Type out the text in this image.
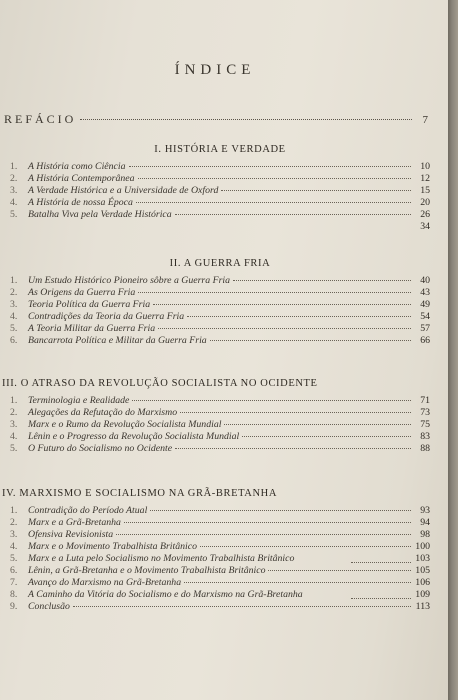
ÍNDICE
REFÁCIO	7
I. HISTÓRIA E VERDADE
1.	A História como Ciência	10
2.	A História Contemporânea	12
3.	A Verdade Histórica e a Universidade de Oxford	15
4.	A História de nossa Época	20
5.	Batalha Viva pela Verdade Histórica	26
34
II. A GUERRA FRIA
1.	Um Estudo Histórico Pioneiro sôbre a Guerra Fria	40
2.	As Origens da Guerra Fria	43
3.	Teoria Política da Guerra Fria	49
4.	Contradições da Teoria da Guerra Fria	54
5.	A Teoria Militar da Guerra Fria	57
6.	Bancarrota Política e Militar da Guerra Fria	66
III. O ATRASO DA REVOLUÇÃO SOCIALISTA NO OCIDENTE
1.	Terminologia e Realidade	71
2.	Alegações da Refutação do Marxismo	73
3.	Marx e o Rumo da Revolução Socialista Mundial	75
4.	Lênin e o Progresso da Revolução Socialista Mundial	83
5.	O Futuro do Socialismo no Ocidente	88
IV. MARXISMO E SOCIALISMO NA GRÃ-BRETANHA
1.	Contradição do Período Atual	93
2.	Marx e a Grã-Bretanha	94
3.	Ofensiva Revisionista	98
4.	Marx e o Movimento Trabalhista Britânico	100
5.	Marx e a Luta pelo Socialismo no Movimento Trabalhista Britânico	103
6.	Lênin, a Grã-Bretanha e o Movimento Trabalhista Britânico	105
7.	Avanço do Marxismo na Grã-Bretanha	106
8.	A Caminho da Vitória do Socialismo e do Marxismo na Grã-Bretanha	109
9.	Conclusão	113
